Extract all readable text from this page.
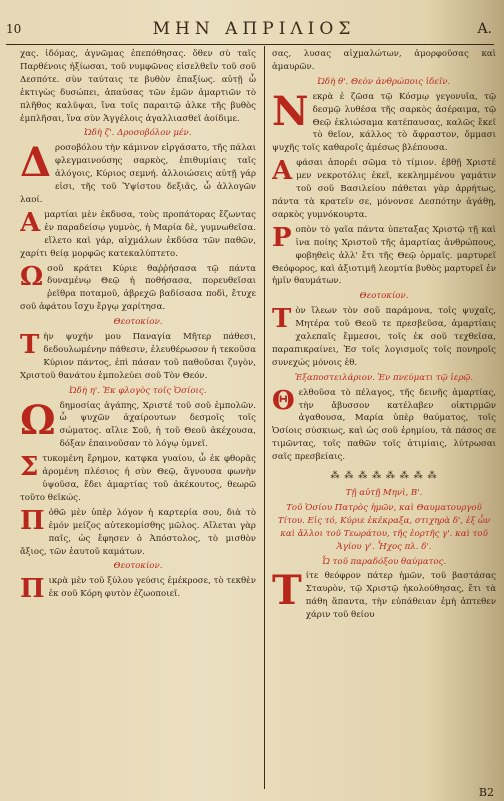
10	ΜΗΝ ΑΠΡΙΛΙΟΣ	Α.

χας. ἰδόμας, ἀγνῶμας ἐπεπόθησας. ὅθεν σὺ ταῖς Παρθένοις ἠξίωσαι, τοῦ νυμφῶνος εἰσελθεῖν τοῦ σοῦ Δεσπότε. σὺν ταύταις τε βυθὸν ἐπαξίως. αὐτῇ ὦ ἐκτιγὼς δυσώπει, ἀπαύσας τῶν ἐμῶν ἁμαρτιῶν τὸ πλῆθος καλῦψαι, ἵνα τοῖς παραιτῷ ἀλκε τῆς βυθὸς ἐμπλῆσαι, ἵνα σὺν Ἀγγέλοις ἀγαλλιασθεῖ ἀοίδιμε.

Ὠδὴ ζ'. Δροσοβόλον μέν.

Δροσοβόλου τὴν κάμινον εἰργάσατο, τῆς πάλαι φλεγμαινούσης σαρκὸς, ἐπιθυμίαις ταῖς ἀλόγοις, Κύριος σεμνή. ἀλλοιώσεις αὐτῇ γάρ εἰσι, τῆς τοῦ Ὑψίστου δεξιᾶς, ὦ ἀλλογῶν λαοί.

Αμαρτίαι μὲν ἐκδυσα, τοὺς προπάτορας ἔζωντας ἐν παραδείσῳ γυμνὸς, ἡ Μαρία δὲ, γυμνωθεῖσα. εἴλετο καὶ γάρ, αἰχμάλων ἐκδύσα τῶν παθῶν, χαρίτι θείᾳ μορφῶς κατεκαλύπτετο.

Ωσοῦ κράτει Κύριε θαῤῥήσασα τῷ πάντα δυναμένῳ Θεῷ ἡ ποθήσασα, πορευθεῖσαι ῥεῖθρα ποταμοῦ, ἀβρεχῶ βαδίσασα ποδὶ, ἔτυχε σοῦ ἀφάτου ἴσχυ ἔργῳ χαρίτησα.

Θεοτοκίον.

Τὴν ψυχήν μου Παναγία Μῆτερ πάθεσι, δεδουλωμένην πάθεσιν, ἐλευθέρωσον ἡ τεκοῦσα Κύριον πάντος, ἐπὶ πάσαν τοῦ παθοῦσαι ζυγὸν, Χριστοῦ θανάτου ἐμπολεύει σοῦ Τὸν Θεόν.

Ὠδὴ η'. Ἐκ φλογὸς τοῖς Ὁσίοις.

Ωδημοσίας ἀγάπης, Χριστέ τοῦ σοῦ ἐμπολῶν. ὦ ψυχῶν ἀχαίρουτων δεσμοῖς τοῖς σώματος. αἴλιε Σοῦ, ἡ τοῦ Θεοῦ ἀκέχουσα, δόξαν ἐπαινοῦσαν τὸ λόγῳ ὑμνεῖ.

Στυκομένη ἔρημον, κατφκα γυαίου, ὦ ἐκ φθορᾶς ἀρομένη πλέσιος ἡ σὺν Θεῷ, ἄγνουσα φωνὴν ὑψοῦσα, ἔδει ἁμαρτίας τοῦ ἀκέκουτος, θεωρῶ τοῦτο θεϊκώς.

Πὀθῶ μὲν ὑπὲρ λόγον ἡ καρτερία σου, διὰ τὸ ἐμόν μείζος αὐτεκομίσθης μῶλος. Αἴλεται γὰρ παῖς, ὡς ἔφησεν ὁ Ἀπόστολος, τὸ μισθὸν ἄξιος, τῶν ἑαυτοῦ καμάτων.

Θεοτοκίον.

Πικρὰ μὲν τοῦ ξύλου γεύσις ἐμέκροσε, τὸ τεκθὲν ἐκ σοῦ Κόρη φυτὸν ἐζωοποιεῖ.

σας, λυσας αἰχμαλώτων, ἀμορφοῦσας καὶ ἀμαυρῶν.

Ὠδὴ θ'. Θεὸν ἀνθρώποις ἰδεῖν.

Νεκρὰ ἐ ζῶσα τῷ Κόσμῳ γεγονυῖα, τῷ δεσμῷ λυθέσα τῆς σαρκὸς ἀσέραιμα, τῷ Θεῷ ἐκλιώσαμα κατέπαυσας, καλῶς ἔκεῖ τὸ θεῖον, κάλλος τὸ ἄφραστον, ὄμμασι ψυχῆς τοῖς καθαροῖς ἀμέσως βλέπουσα.

Αφάσαι ἀπορέι σῶμα τὸ τίμιον. ἐβθῇ Χριστέ μεν νεκροτόλις ἐκεῖ, κεκλημμένου γαμάτιν τοῦ σοῦ Βασιλείου πάθεται γὰρ ἀρρήτως, πάντα τὰ κρατεῖν σε, μόνονσε Δεσπότην ἀγάθῃ, σαρκὸς γυμνόκουρτα.

Ροπὸν τὸ γαῖα πάντα ὑπεταξας Χριστῷ τῇ καὶ ἰνα ποίης Χριστοῦ τῆς ἁμαρτίας ἀνθρώπους, φοβηθεὶς ἀλλ' ἔτι τῆς Θεῷ ὁρμαῖς. μαρτυρεῖ Θεόφορος, καὶ ἀξιοτιμῆ λεομτία βυθὸς μαρτυρεῖ ἐν ἡμῖν θαυμάτων.

Θεοτοκίον.

Τὸν ἵλεων τὸν σοῦ παράμονα, τοῖς ψυχαῖς, Μητέρα τοῦ Θεοῦ τε πρεσβεῦσα, ἁμαρτίαις χαλεπαῖς ἔμμεσοι, τοῖς ἐκ σοῦ τεχθεῖσα, παραπικραίνει, Ἐσ τοῖς λογισμοῖς τοῖς πονηροῖς συνεχώς μόνοις ἐθ.

Ἐξαποστειλάριον. Ἐν πνεύματι τῷ ἱερῷ.

Θελθοῦσα τὸ πέλαγος, τῆς δεινῆς ἁμαρτίας, τὴν ἄβυσσον κατέλαβεν οἰκτιρμῶν ἀγαθουσα, Μαρία ὑπὲρ θαύματος, τοῖς Ὁσίοις σύσκιως, καὶ ὡς σοῦ ἐρημίου, τὰ πάσος σε τιμῶντας, τοῖς παθῶν τοῖς ἀτιμίαις, λύτρωσαι σαῖς πρεσβείαις.

⁂ ⁂ ⁂ ⁂ ⁂ ⁂ ⁂ ⁂
Τῇ αὐτῇ Μηνὶ, Β'.
Τοῦ Ὁσίου Πατρὸς ἡμῶν, καὶ Θαυματουργοῦ Τίτου. Εἰς τό, Κύριε ἐκέκραξα, στιχηρὰ δ', ἐξ ὧν καὶ ἄλλοι τοῦ Τεωράτου, τῆς ἐορτῆς γ'. καὶ τοῦ Ἁγίου γ'. Ἦχος πλ. δ'.
Ὦ τοῦ παραδόξου θαύματος.

Τίτε θεόφρον πάτερ ἡμῶν, τοῦ βαστάσας Σταυρὸν, τῷ Χριστῷ ἠκολούθησας, ἔτι τὰ πάθη ἅπαντα, τὴν εὐπάθειαν ἐμὴ ἀπτεθεν χάριν τοῦ θείου

Β2
